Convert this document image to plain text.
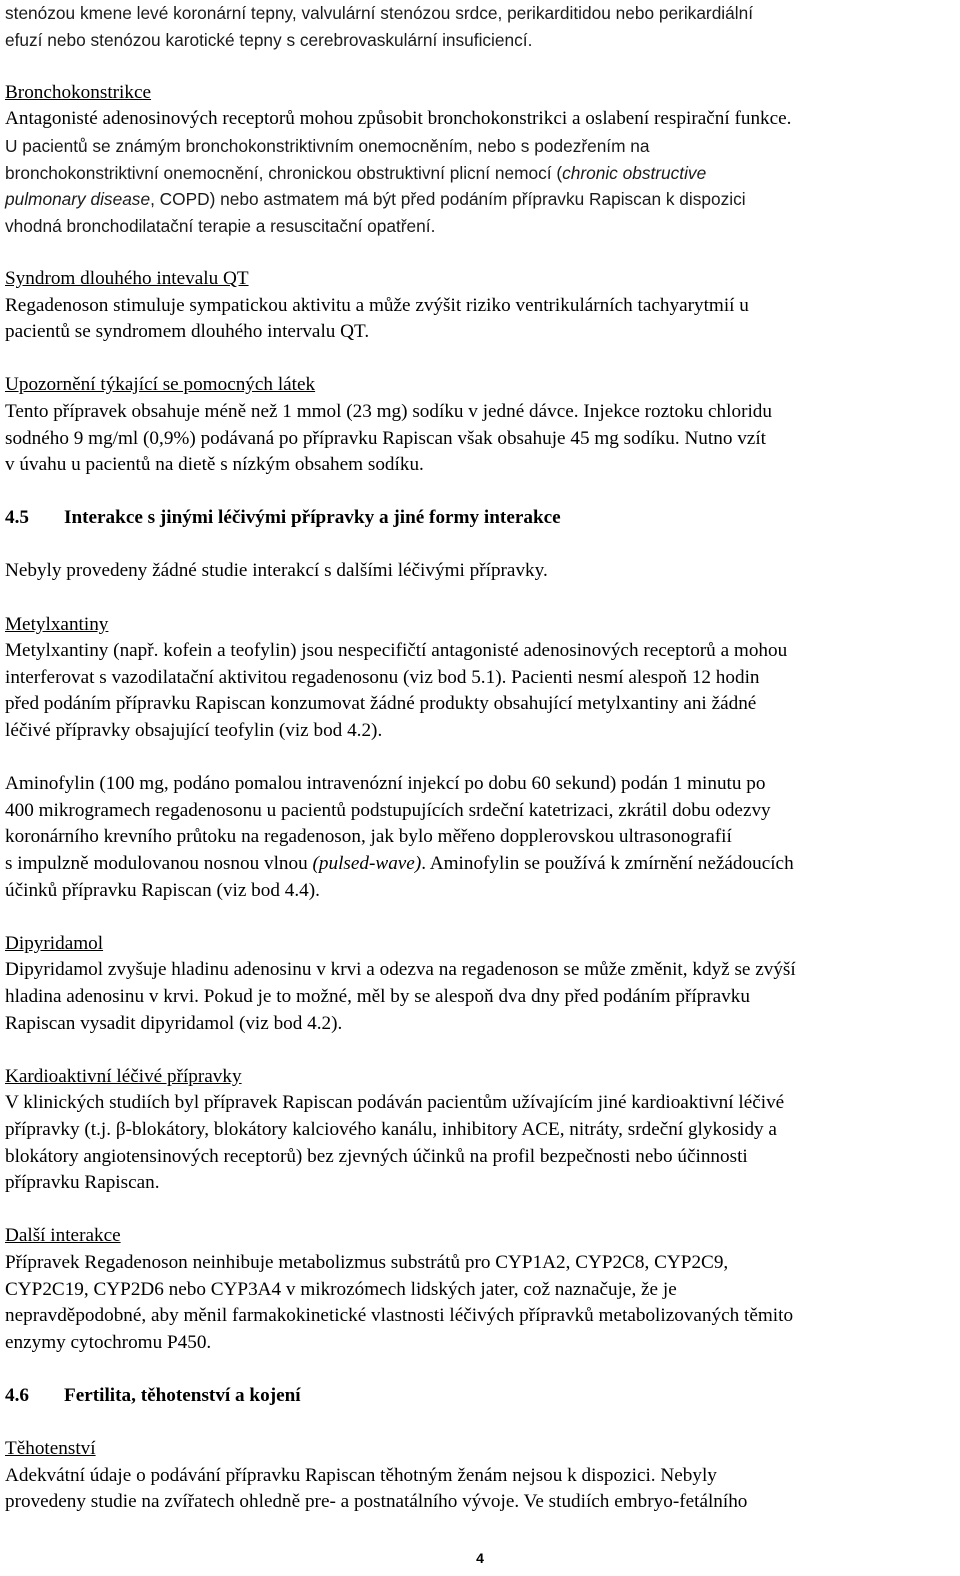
stenózou kmene levé koronární tepny, valvulární stenózou srdce, perikarditidou nebo perikardiální
efuzí nebo stenózou karotické tepny s cerebrovaskulární insuficiencí.
Bronchokonstrikce
Antagonisté adenosinových receptorů mohou způsobit bronchokonstrikci a oslabení respirační funkce.
U pacientů se známým bronchokonstriktivním onemocněním, nebo s podezřením na
bronchokonstriktivní onemocnění, chronickou obstruktivní plicní nemocí (chronic obstructive
pulmonary disease, COPD) nebo astmatem má být před podáním přípravku Rapiscan k dispozici
vhodná bronchodilatační terapie a resuscitační opatření.
Syndrom dlouhého intevalu QT
Regadenoson stimuluje sympatickou aktivitu a může zvýšit riziko ventrikulárních tachyarytmií u
pacientů se syndromem dlouhého intervalu QT.
Upozornění týkající se pomocných látek
Tento přípravek obsahuje méně než 1 mmol (23 mg) sodíku v jedné dávce. Injekce roztoku chloridu
sodného 9 mg/ml (0,9%) podávaná po přípravku Rapiscan však obsahuje 45 mg sodíku. Nutno vzít
v úvahu u pacientů na dietě s nízkým obsahem sodíku.
4.5 Interakce s jinými léčivými přípravky a jiné formy interakce
Nebyly provedeny žádné studie interakcí s dalšími léčivými přípravky.
Metylxantiny
Metylxantiny (např. kofein a teofylin) jsou nespecifičtí antagonisté adenosinových receptorů a mohou
interferovat s vazodilatační aktivitou regadenosonu (viz bod 5.1). Pacienti nesmí alespoň 12 hodin
před podáním přípravku Rapiscan konzumovat žádné produkty obsahující metylxantiny ani žádné
léčivé přípravky obsajující teofylin (viz bod 4.2).
Aminofylin (100 mg, podáno pomalou intravenózní injekcí po dobu 60 sekund) podán 1 minutu po
400 mikrogramech regadenosonu u pacientů podstupujících srdeční katetrizaci, zkrátil dobu odezvy
koronárního krevního průtoku na regadenoson, jak bylo měřeno dopplerovskou ultrasonografií
s impulzně modulovanou nosnou vlnou (pulsed-wave). Aminofylin se používá k zmírnění nežádoucích
účinků přípravku Rapiscan (viz bod 4.4).
Dipyridamol
Dipyridamol zvyšuje hladinu adenosinu v krvi a odezva na regadenoson se může změnit, když se zvýší
hladina adenosinu v krvi. Pokud je to možné, měl by se alespoň dva dny před podáním přípravku
Rapiscan vysadit dipyridamol (viz bod 4.2).
Kardioaktivní léčivé přípravky
V klinických studiích byl přípravek Rapiscan podáván pacientům užívajícím jiné kardioaktivní léčivé
přípravky (t.j. β-blokátory, blokátory kalciového kanálu, inhibitory ACE, nitráty, srdeční glykosidy a
blokátory angiotensinových receptorů) bez zjevných účinků na profil bezpečnosti nebo účinnosti
přípravku Rapiscan.
Další interakce
Přípravek Regadenoson neinhibuje metabolizmus substrátů pro CYP1A2, CYP2C8, CYP2C9,
CYP2C19, CYP2D6 nebo CYP3A4 v mikrozómech lidských jater, což naznačuje, že je
nepravděpodobné, aby měnil farmakokinetické vlastnosti léčivých přípravků metabolizovaných těmito
enzymy cytochromu P450.
4.6 Fertilita, těhotenství a kojení
Těhotenství
Adekvátní údaje o podávání přípravku Rapiscan těhotným ženám nejsou k dispozici. Nebyly
provedeny studie na zvířatech ohledně pre- a postnatálního vývoje. Ve studiích embryo-fetálního
4
